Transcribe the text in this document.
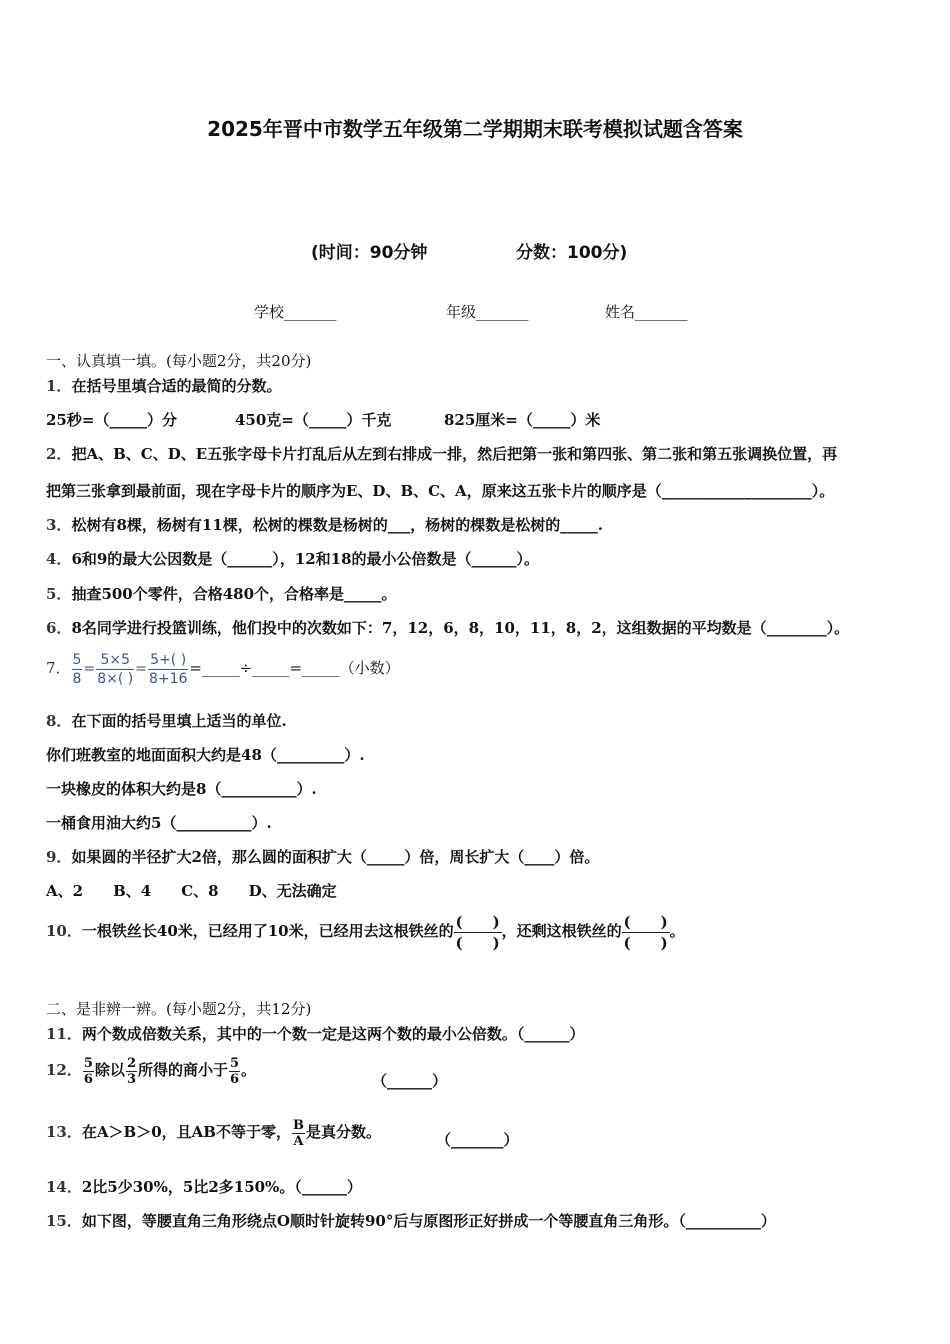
2025年晋中市数学五年级第二学期期末联考模拟试题含答案
(时间：90分钟	分数：100分)
学校_______	年级_______	姓名_______
一、认真填一填。(每小题2分，共20分)
1．在括号里填合适的最简的分数。
25秒=（_____）分	450克=（_____）千克	825厘米=（_____）米
2．把A、B、C、D、E五张字母卡片打乱后从左到右排成一排，然后把第一张和第四张、第二张和第五张调换位置，再
把第三张拿到最前面，现在字母卡片的顺序为E、D、B、C、A，原来这五张卡片的顺序是（____________________）。
3．松树有8棵，杨树有11棵，松树的棵数是杨树的___，杨树的棵数是松树的_____.
4．6和9的最大公因数是（______），12和18的最小公倍数是（______）。
5．抽查500个零件，合格480个，合格率是_____。
6．8名同学进行投篮训练，他们投中的次数如下：7，12，6，8，10，11，8，2，这组数据的平均数是（________）。
7． $\frac{5}{8} = \frac{5\times 5}{8\times( )} = \frac{5+( )}{8+16}$ =_____÷_____=_____（小数）
8．在下面的括号里填上适当的单位.
你们班教室的地面面积大约是48（_________）.
一块橡皮的体积大约是8（__________）.
一桶食用油大约5（__________）.
9．如果圆的半径扩大2倍，那么圆的面积扩大（_____）倍，周长扩大（____）倍。
A、2　　B、4　　C、8　　D、无法确定
10．一根铁丝长40米，已经用了10米，已经用去这根铁丝的
(　　)
(　　)
，还剩这根铁丝的
(　　)
(　　)
。
二、是非辨一辨。(每小题2分，共12分)
11．两个数成倍数关系，其中的一个数一定是这两个数的最小公倍数。（______）
12． $\frac{5}{6}$ 除以 $\frac{2}{3}$ 所得的商小于 $\frac{5}{6}$ 。
（______）
13．在A＞B＞0，且AB不等于零， $\frac{B}{A}$ 是真分数。	（_______）
14．2比5少30%，5比2多150%。（______）
15．如下图，等腰直角三角形绕点O顺时针旋转90°后与原图形正好拼成一个等腰直角三角形。（__________）
